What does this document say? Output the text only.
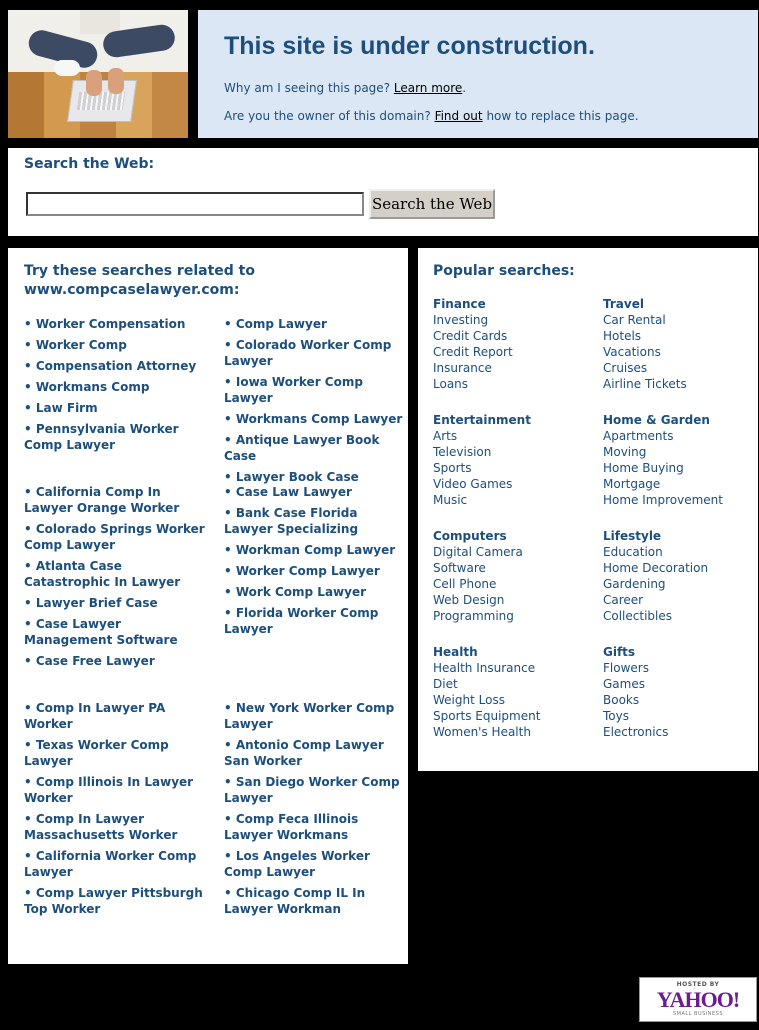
This site is under construction.

Why am I seeing this page? Learn more.

Are you the owner of this domain? Find out how to replace this page.

Search the Web:
Search the Web
Try these searches related to www.compcaselawyer.com:
• Worker Compensation
• Worker Comp
• Compensation Attorney
• Workmans Comp
• Law Firm
• Pennsylvania Worker Comp Lawyer
• Comp Lawyer
• Colorado Worker Comp Lawyer
• Iowa Worker Comp Lawyer
• Workmans Comp Lawyer
• Antique Lawyer Book Case
• Lawyer Book Case
• California Comp In Lawyer Orange Worker
• Colorado Springs Worker Comp Lawyer
• Atlanta Case Catastrophic In Lawyer
• Lawyer Brief Case
• Case Lawyer Management Software
• Case Free Lawyer
• Case Law Lawyer
• Bank Case Florida Lawyer Specializing
• Workman Comp Lawyer
• Worker Comp Lawyer
• Work Comp Lawyer
• Florida Worker Comp Lawyer
• Comp In Lawyer PA Worker
• Texas Worker Comp Lawyer
• Comp Illinois In Lawyer Worker
• Comp In Lawyer Massachusetts Worker
• California Worker Comp Lawyer
• Comp Lawyer Pittsburgh Top Worker
• New York Worker Comp Lawyer
• Antonio Comp Lawyer San Worker
• San Diego Worker Comp Lawyer
• Comp Feca Illinois Lawyer Workmans
• Los Angeles Worker Comp Lawyer
• Chicago Comp IL In Lawyer Workman
Popular searches:
Finance
Investing
Credit Cards
Credit Report
Insurance
Loans
Travel
Car Rental
Hotels
Vacations
Cruises
Airline Tickets
Entertainment
Arts
Television
Sports
Video Games
Music
Home & Garden
Apartments
Moving
Home Buying
Mortgage
Home Improvement
Computers
Digital Camera
Software
Cell Phone
Web Design
Programming
Lifestyle
Education
Home Decoration
Gardening
Career
Collectibles
Health
Health Insurance
Diet
Weight Loss
Sports Equipment
Women's Health
Gifts
Flowers
Games
Books
Toys
Electronics
HOSTED BY
YAHOO!
SMALL BUSINESS
